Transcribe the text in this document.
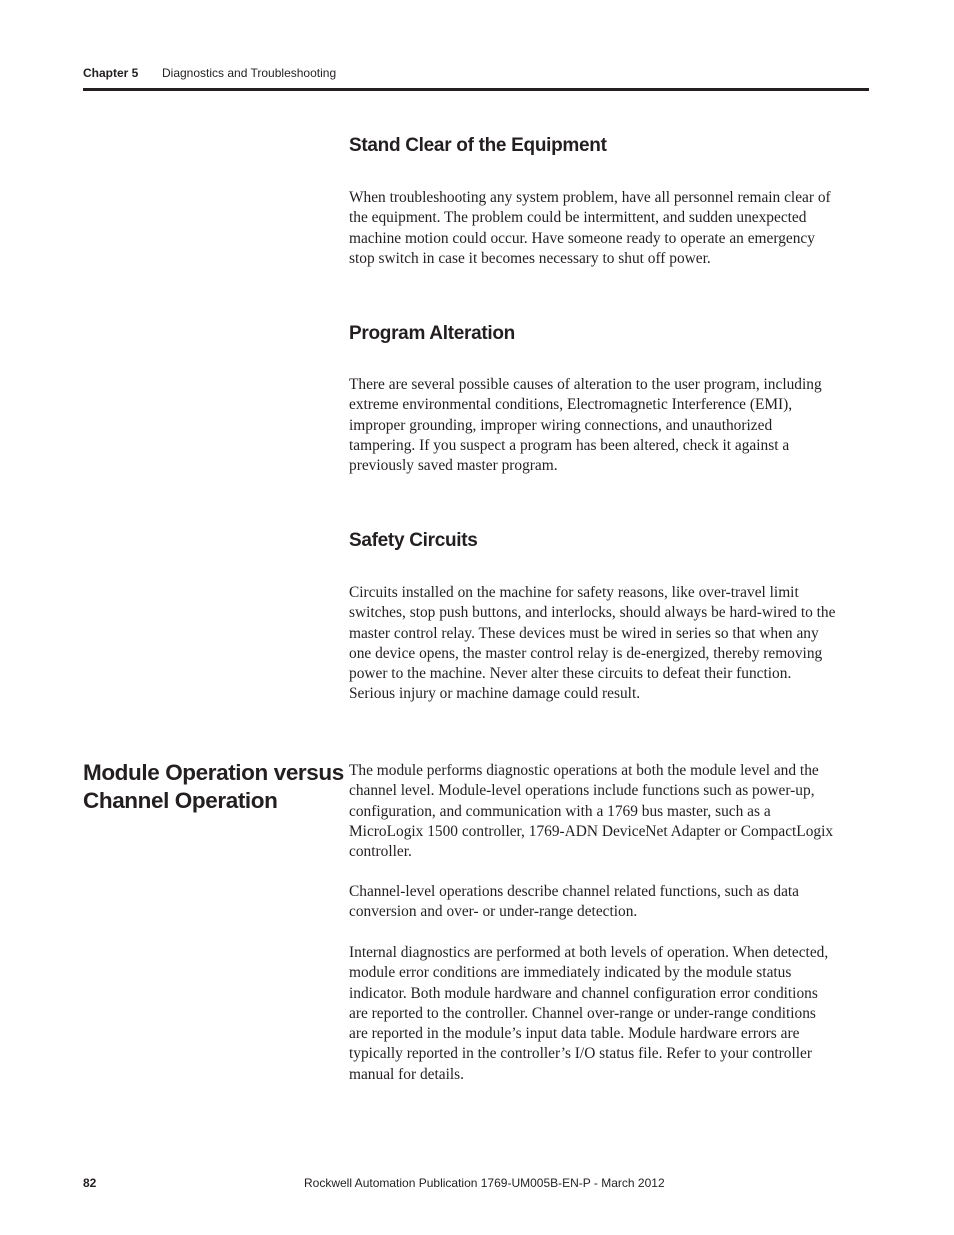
Chapter 5 Diagnostics and Troubleshooting
Stand Clear of the Equipment
When troubleshooting any system problem, have all personnel remain clear of
the equipment. The problem could be intermittent, and sudden unexpected
machine motion could occur. Have someone ready to operate an emergency
stop switch in case it becomes necessary to shut off power.
Program Alteration
There are several possible causes of alteration to the user program, including
extreme environmental conditions, Electromagnetic Interference (EMI),
improper grounding, improper wiring connections, and unauthorized
tampering. If you suspect a program has been altered, check it against a
previously saved master program.
Safety Circuits
Circuits installed on the machine for safety reasons, like over-travel limit
switches, stop push buttons, and interlocks, should always be hard-wired to the
master control relay. These devices must be wired in series so that when any
one device opens, the master control relay is de-energized, thereby removing
power to the machine. Never alter these circuits to defeat their function.
Serious injury or machine damage could result.
Module Operation versus
Channel Operation
The module performs diagnostic operations at both the module level and the
channel level. Module-level operations include functions such as power-up,
configuration, and communication with a 1769 bus master, such as a
MicroLogix 1500 controller, 1769-ADN DeviceNet Adapter or CompactLogix
controller.
Channel-level operations describe channel related functions, such as data
conversion and over- or under-range detection.
Internal diagnostics are performed at both levels of operation. When detected,
module error conditions are immediately indicated by the module status
indicator. Both module hardware and channel configuration error conditions
are reported to the controller. Channel over-range or under-range conditions
are reported in the module’s input data table. Module hardware errors are
typically reported in the controller’s I/O status file. Refer to your controller
manual for details.
82	Rockwell Automation Publication 1769-UM005B-EN-P - March 2012
